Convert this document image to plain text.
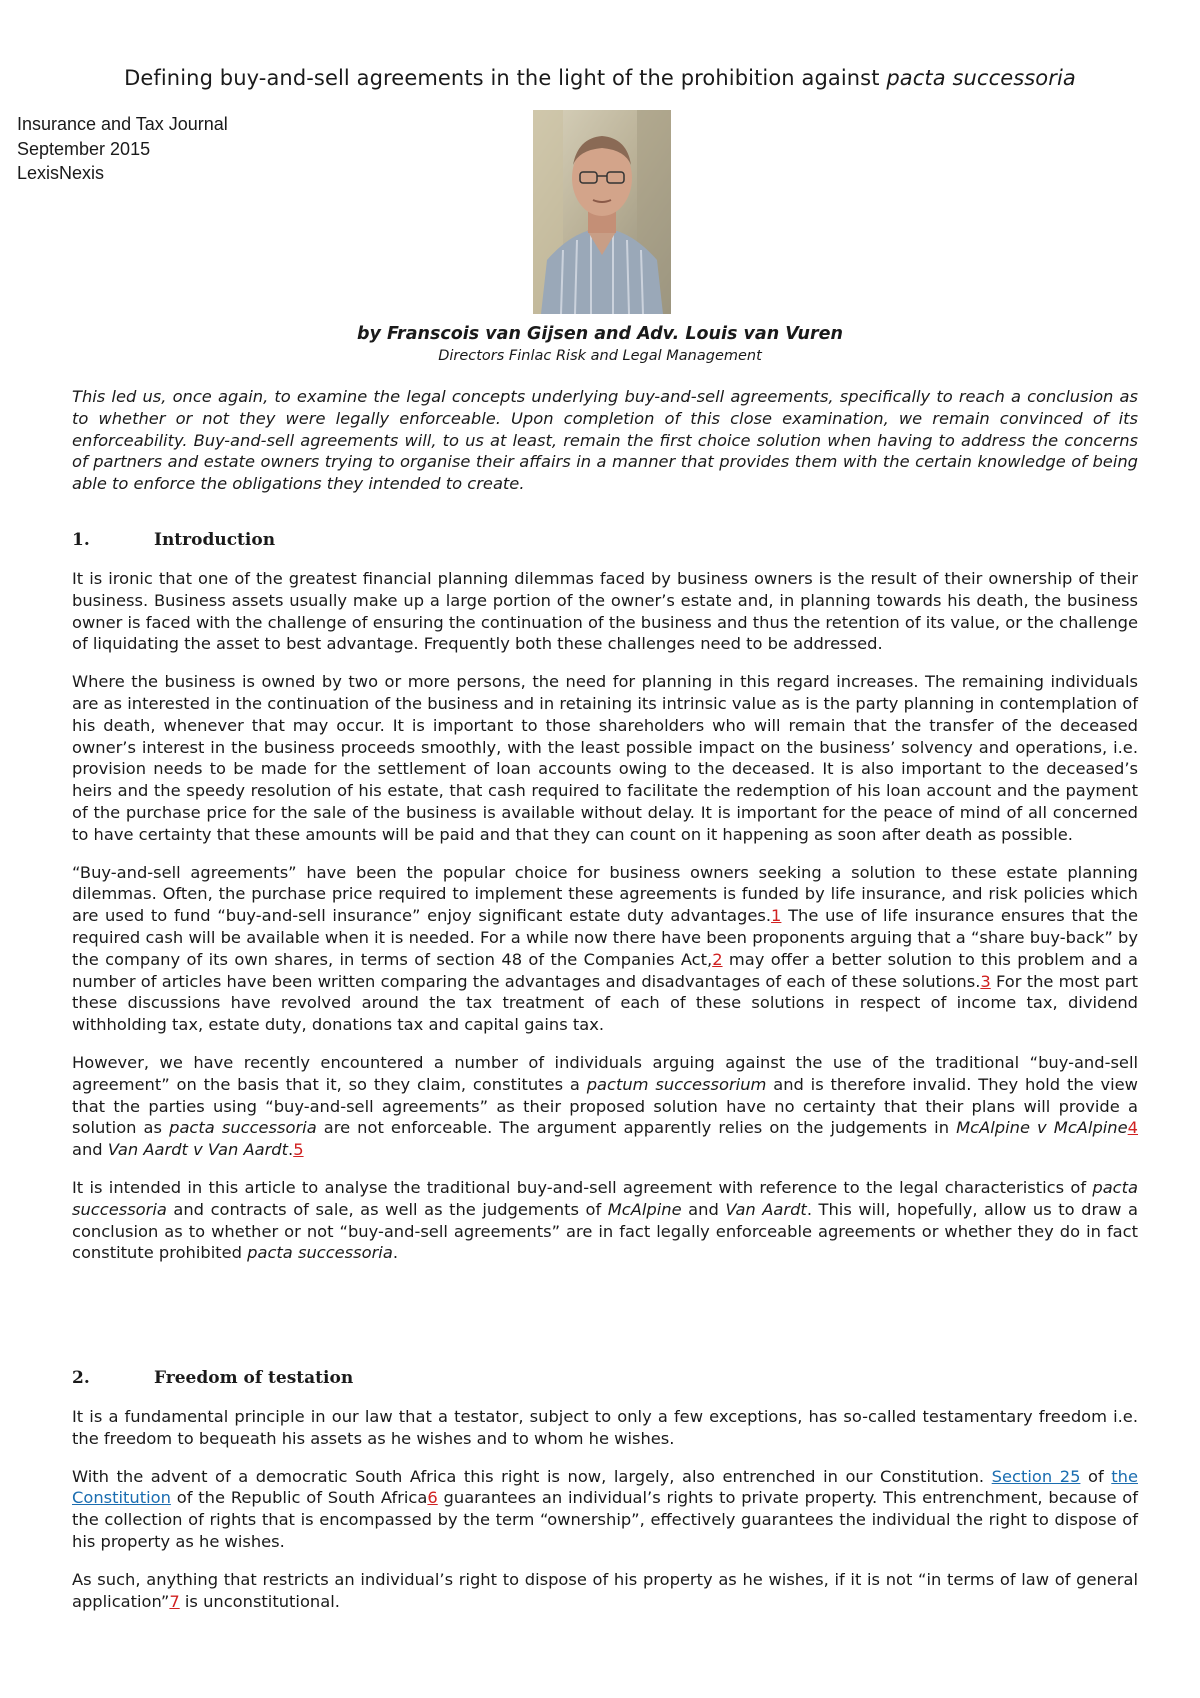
Defining buy-and-sell agreements in the light of the prohibition against pacta successoria
Insurance and Tax Journal
September 2015
LexisNexis
by Franscois van Gijsen and Adv. Louis van Vuren
Directors Finlac Risk and Legal Management

This led us, once again, to examine the legal concepts underlying buy-and-sell agreements, specifically to reach a conclusion as to whether or not they were legally enforceable. Upon completion of this close examination, we remain convinced of its enforceability. Buy-and-sell agreements will, to us at least, remain the first choice solution when having to address the concerns of partners and estate owners trying to organise their affairs in a manner that provides them with the certain knowledge of being able to enforce the obligations they intended to create.

1.	Introduction

It is ironic that one of the greatest financial planning dilemmas faced by business owners is the result of their ownership of their business. Business assets usually make up a large portion of the owner’s estate and, in planning towards his death, the business owner is faced with the challenge of ensuring the continuation of the business and thus the retention of its value, or the challenge of liquidating the asset to best advantage. Frequently both these challenges need to be addressed.

Where the business is owned by two or more persons, the need for planning in this regard increases. The remaining individuals are as interested in the continuation of the business and in retaining its intrinsic value as is the party planning in contemplation of his death, whenever that may occur. It is important to those shareholders who will remain that the transfer of the deceased owner’s interest in the business proceeds smoothly, with the least possible impact on the business’ solvency and operations, i.e. provision needs to be made for the settlement of loan accounts owing to the deceased. It is also important to the deceased’s heirs and the speedy resolution of his estate, that cash required to facilitate the redemption of his loan account and the payment of the purchase price for the sale of the business is available without delay. It is important for the peace of mind of all concerned to have certainty that these amounts will be paid and that they can count on it happening as soon after death as possible.

“Buy-and-sell agreements” have been the popular choice for business owners seeking a solution to these estate planning dilemmas. Often, the purchase price required to implement these agreements is funded by life insurance, and risk policies which are used to fund “buy-and-sell insurance” enjoy significant estate duty advantages.1 The use of life insurance ensures that the required cash will be available when it is needed. For a while now there have been proponents arguing that a “share buy-back” by the company of its own shares, in terms of section 48 of the Companies Act,2 may offer a better solution to this problem and a number of articles have been written comparing the advantages and disadvantages of each of these solutions.3 For the most part these discussions have revolved around the tax treatment of each of these solutions in respect of income tax, dividend withholding tax, estate duty, donations tax and capital gains tax.

However, we have recently encountered a number of individuals arguing against the use of the traditional “buy-and-sell agreement” on the basis that it, so they claim, constitutes a pactum successorium and is therefore invalid. They hold the view that the parties using “buy-and-sell agreements” as their proposed solution have no certainty that their plans will provide a solution as pacta successoria are not enforceable. The argument apparently relies on the judgements in McAlpine v McAlpine4 and Van Aardt v Van Aardt.5

It is intended in this article to analyse the traditional buy-and-sell agreement with reference to the legal characteristics of pacta successoria and contracts of sale, as well as the judgements of McAlpine and Van Aardt. This will, hopefully, allow us to draw a conclusion as to whether or not “buy-and-sell agreements” are in fact legally enforceable agreements or whether they do in fact constitute prohibited pacta successoria.

2.	Freedom of testation

It is a fundamental principle in our law that a testator, subject to only a few exceptions, has so-called testamentary freedom i.e. the freedom to bequeath his assets as he wishes and to whom he wishes.

With the advent of a democratic South Africa this right is now, largely, also entrenched in our Constitution. Section 25 of the Constitution of the Republic of South Africa6 guarantees an individual’s rights to private property. This entrenchment, because of the collection of rights that is encompassed by the term “ownership”, effectively guarantees the individual the right to dispose of his property as he wishes.

As such, anything that restricts an individual’s right to dispose of his property as he wishes, if it is not “in terms of law of general application”7 is unconstitutional.
